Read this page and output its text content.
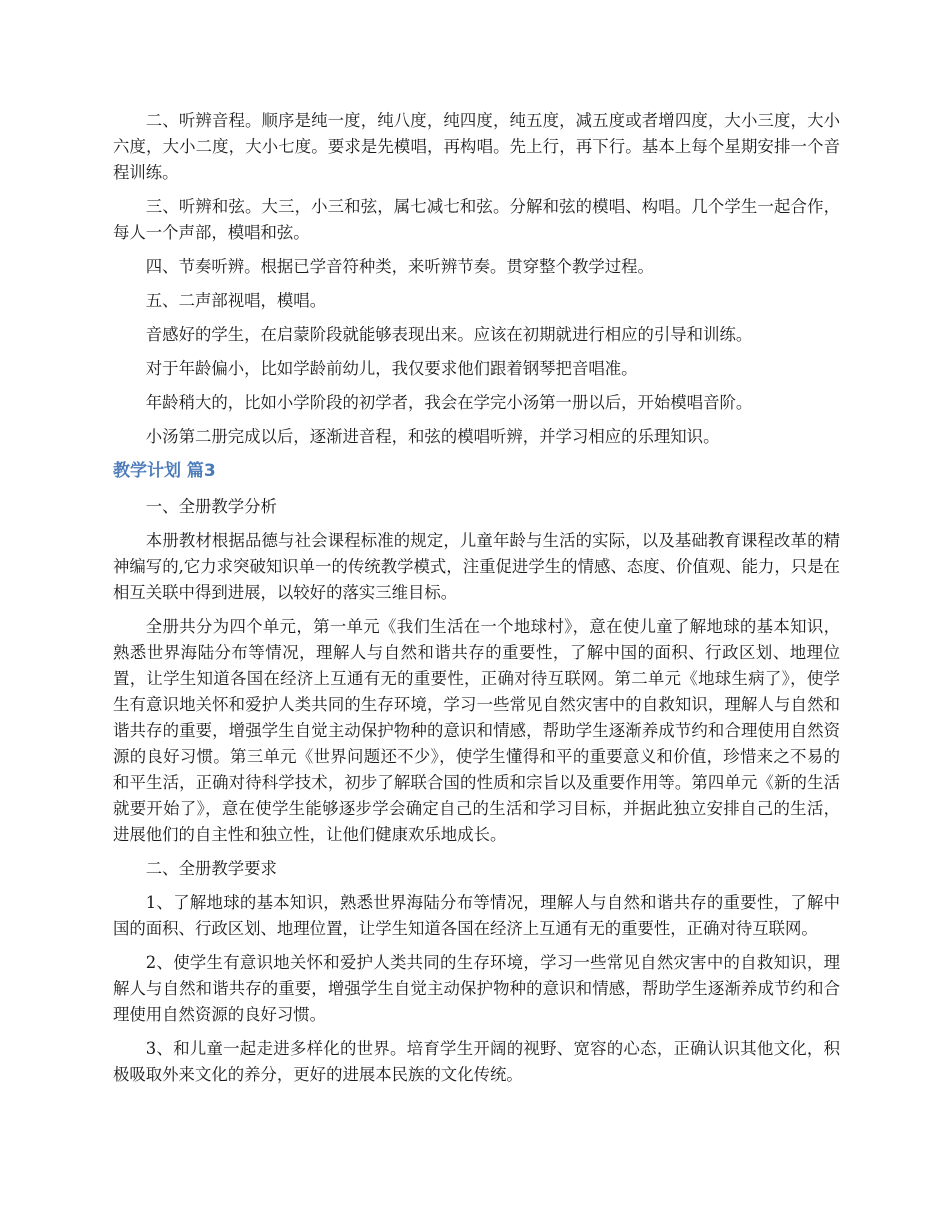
二、听辨音程。顺序是纯一度，纯八度，纯四度，纯五度，减五度或者增四度，大小三度，大小六度，大小二度，大小七度。要求是先模唱，再构唱。先上行，再下行。基本上每个星期安排一个音程训练。

三、听辨和弦。大三，小三和弦，属七减七和弦。分解和弦的模唱、构唱。几个学生一起合作，每人一个声部，模唱和弦。

四、节奏听辨。根据已学音符种类，来听辨节奏。贯穿整个教学过程。

五、二声部视唱，模唱。

音感好的学生，在启蒙阶段就能够表现出来。应该在初期就进行相应的引导和训练。

对于年龄偏小，比如学龄前幼儿，我仅要求他们跟着钢琴把音唱准。

年龄稍大的，比如小学阶段的初学者，我会在学完小汤第一册以后，开始模唱音阶。

小汤第二册完成以后，逐渐进音程，和弦的模唱听辨，并学习相应的乐理知识。

教学计划 篇3

一、全册教学分析

本册教材根据品德与社会课程标准的规定，儿童年龄与生活的实际，以及基础教育课程改革的精神编写的,它力求突破知识单一的传统教学模式，注重促进学生的情感、态度、价值观、能力，只是在相互关联中得到进展，以较好的落实三维目标。

全册共分为四个单元，第一单元《我们生活在一个地球村》，意在使儿童了解地球的基本知识，熟悉世界海陆分布等情况，理解人与自然和谐共存的重要性，了解中国的面积、行政区划、地理位置，让学生知道各国在经济上互通有无的重要性，正确对待互联网。第二单元《地球生病了》，使学生有意识地关怀和爱护人类共同的生存环境，学习一些常见自然灾害中的自救知识，理解人与自然和谐共存的重要，增强学生自觉主动保护物种的意识和情感，帮助学生逐渐养成节约和合理使用自然资源的良好习惯。第三单元《世界问题还不少》，使学生懂得和平的重要意义和价值，珍惜来之不易的和平生活，正确对待科学技术，初步了解联合国的性质和宗旨以及重要作用等。第四单元《新的生活就要开始了》，意在使学生能够逐步学会确定自己的生活和学习目标，并据此独立安排自己的生活，进展他们的自主性和独立性，让他们健康欢乐地成长。

二、全册教学要求

1、了解地球的基本知识，熟悉世界海陆分布等情况，理解人与自然和谐共存的重要性，了解中国的面积、行政区划、地理位置，让学生知道各国在经济上互通有无的重要性，正确对待互联网。

2、使学生有意识地关怀和爱护人类共同的生存环境，学习一些常见自然灾害中的自救知识，理解人与自然和谐共存的重要，增强学生自觉主动保护物种的意识和情感，帮助学生逐渐养成节约和合理使用自然资源的良好习惯。

3、和儿童一起走进多样化的世界。培育学生开阔的视野、宽容的心态，正确认识其他文化，积极吸取外来文化的养分，更好的进展本民族的文化传统。
